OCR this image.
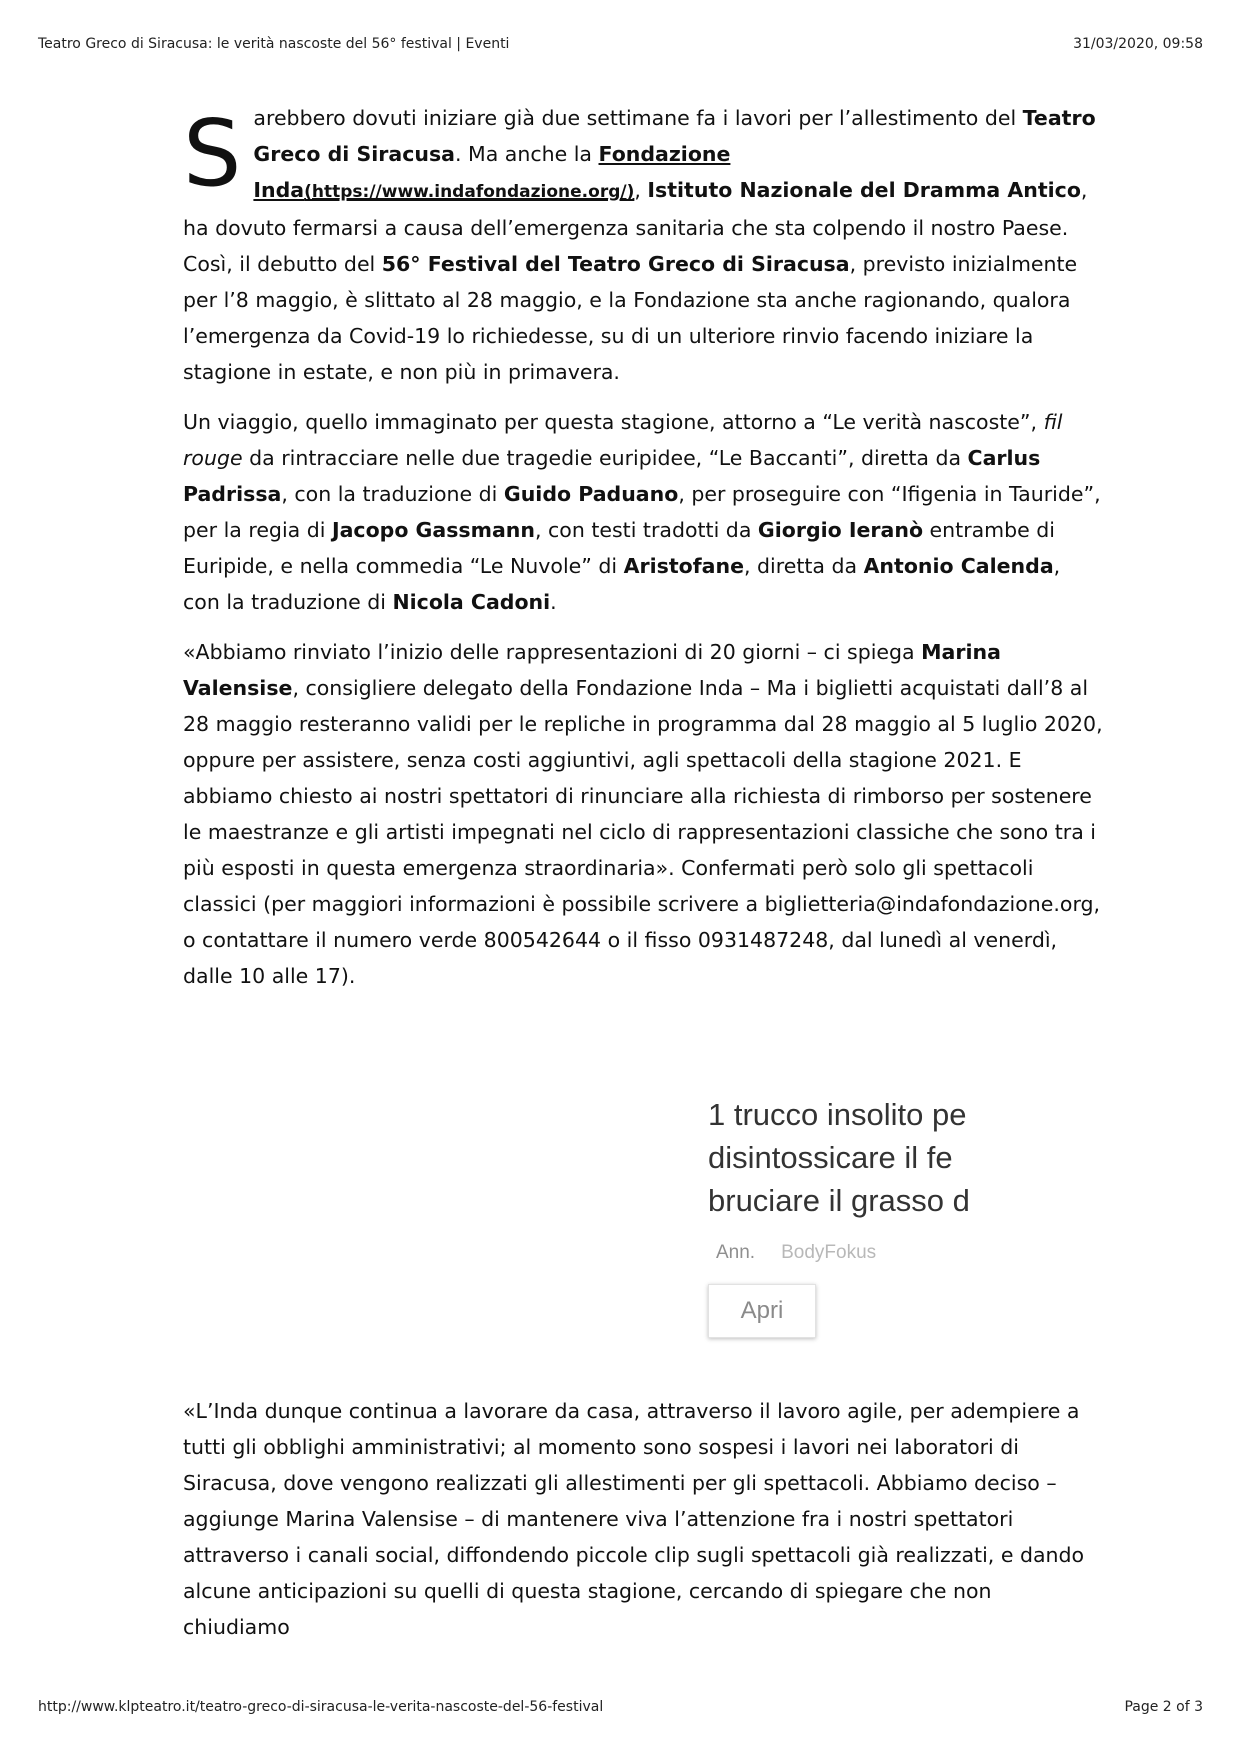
Teatro Greco di Siracusa: le verità nascoste del 56° festival | Eventi	31/03/2020, 09:58

Sarebbero dovuti iniziare già due settimane fa i lavori per l’allestimento del Teatro Greco di Siracusa. Ma anche la Fondazione Inda(https://www.indafondazione.org/), Istituto Nazionale del Dramma Antico, ha dovuto fermarsi a causa dell’emergenza sanitaria che sta colpendo il nostro Paese.
Così, il debutto del 56° Festival del Teatro Greco di Siracusa, previsto inizialmente per l’8 maggio, è slittato al 28 maggio, e la Fondazione sta anche ragionando, qualora l’emergenza da Covid-19 lo richiedesse, su di un ulteriore rinvio facendo iniziare la stagione in estate, e non più in primavera.

Un viaggio, quello immaginato per questa stagione, attorno a “Le verità nascoste”, fil rouge da rintracciare nelle due tragedie euripidee, “Le Baccanti”, diretta da Carlus Padrissa, con la traduzione di Guido Paduano, per proseguire con “Ifigenia in Tauride”, per la regia di Jacopo Gassmann, con testi tradotti da Giorgio Ieranò entrambe di Euripide, e nella commedia “Le Nuvole” di Aristofane, diretta da Antonio Calenda, con la traduzione di Nicola Cadoni.

«Abbiamo rinviato l’inizio delle rappresentazioni di 20 giorni – ci spiega Marina Valensise, consigliere delegato della Fondazione Inda – Ma i biglietti acquistati dall’8 al 28 maggio resteranno validi per le repliche in programma dal 28 maggio al 5 luglio 2020, oppure per assistere, senza costi aggiuntivi, agli spettacoli della stagione 2021. E abbiamo chiesto ai nostri spettatori di rinunciare alla richiesta di rimborso per sostenere le maestranze e gli artisti impegnati nel ciclo di rappresentazioni classiche che sono tra i più esposti in questa emergenza straordinaria». Confermati però solo gli spettacoli classici (per maggiori informazioni è possibile scrivere a biglietteria@indafondazione.org, o contattare il numero verde 800542644 o il fisso 0931487248, dal lunedì al venerdì, dalle 10 alle 17).

1 trucco insolito pe
disintossicare il fe
bruciare il grasso d
Ann. BodyFokus
Apri

«L’Inda dunque continua a lavorare da casa, attraverso il lavoro agile, per adempiere a tutti gli obblighi amministrativi; al momento sono sospesi i lavori nei laboratori di Siracusa, dove vengono realizzati gli allestimenti per gli spettacoli. Abbiamo deciso – aggiunge Marina Valensise – di mantenere viva l’attenzione fra i nostri spettatori attraverso i canali social, diffondendo piccole clip sugli spettacoli già realizzati, e dando alcune anticipazioni su quelli di questa stagione, cercando di spiegare che non chiudiamo

http://www.klpteatro.it/teatro-greco-di-siracusa-le-verita-nascoste-del-56-festival	Page 2 of 3
